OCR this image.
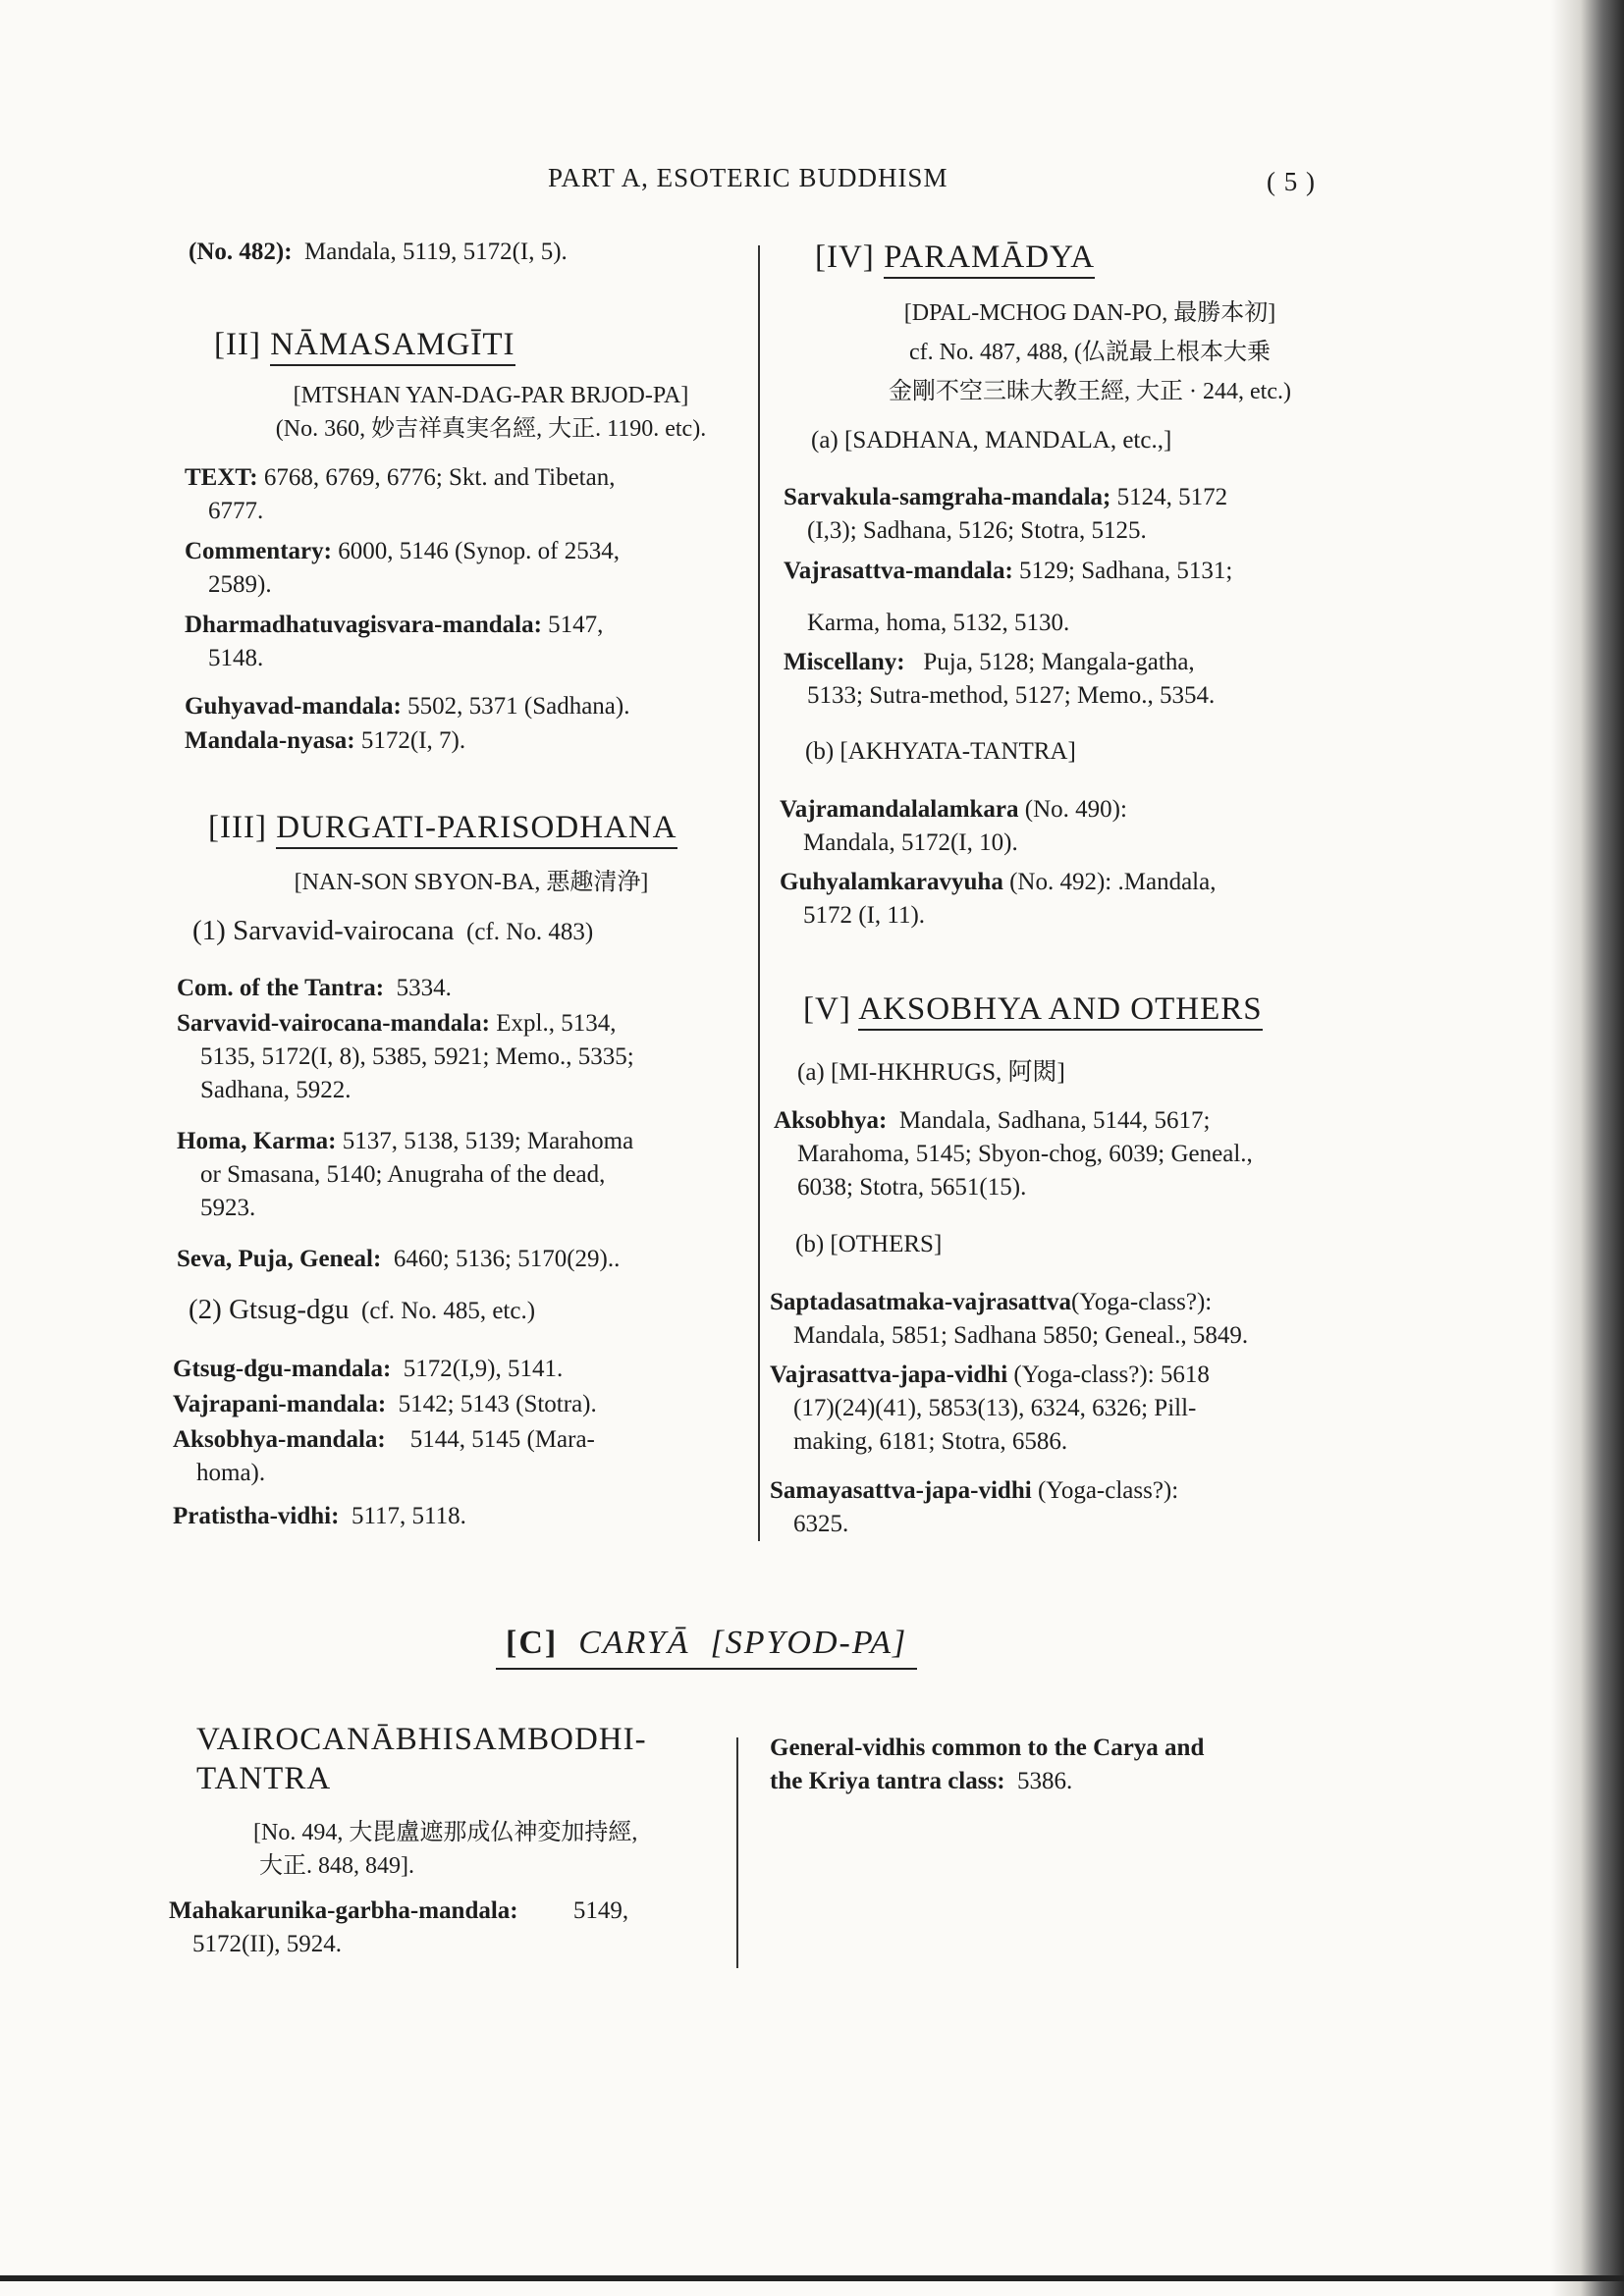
PART A, ESOTERIC BUDDHISM	( 5 )
(No. 482): Mandala, 5119, 5172(I, 5).
[II] NĀMASAMGĪTI
[MTSHAN YAN-DAG-PAR BRJOD-PA]
(No. 360, 妙吉祥真実名經, 大正. 1190. etc).
TEXT: 6768, 6769, 6776; Skt. and Tibetan,
6777.
Commentary: 6000, 5146 (Synop. of 2534,
2589).
Dharmadhatuvagisvara-mandala: 5147,
5148.
Guhyavad-mandala: 5502, 5371 (Sadhana).
Mandala-nyasa: 5172(I, 7).
[III] DURGATI-PARISODHANA
[NAN-SON SBYON-BA, 悪趣清浄]
(1) Sarvavid-vairocana (cf. No. 483)
Com. of the Tantra: 5334.
Sarvavid-vairocana-mandala: Expl., 5134,
5135, 5172(I, 8), 5385, 5921; Memo., 5335;
Sadhana, 5922.
Homa, Karma: 5137, 5138, 5139; Marahoma
or Smasana, 5140; Anugraha of the dead,
5923.
Seva, Puja, Geneal: 6460; 5136; 5170(29)..
(2) Gtsug-dgu (cf. No. 485, etc.)
Gtsug-dgu-mandala: 5172(I,9), 5141.
Vajrapani-mandala: 5142; 5143 (Stotra).
Aksobhya-mandala: 5144, 5145 (Mara-
homa).
Pratistha-vidhi: 5117, 5118.
[IV] PARAMĀDYA
[DPAL-MCHOG DAN-PO, 最勝本初]
cf. No. 487, 488, (仏説最上根本大乗
金剛不空三昧大教王經, 大正 · 244, etc.)
(a) [SADHANA, MANDALA, etc.,]
Sarvakula-samgraha-mandala; 5124, 5172
(I,3); Sadhana, 5126; Stotra, 5125.
Vajrasattva-mandala: 5129; Sadhana, 5131;
Karma, homa, 5132, 5130.
Miscellany: Puja, 5128; Mangala-gatha,
5133; Sutra-method, 5127; Memo., 5354.
(b) [AKHYATA-TANTRA]
Vajramandalalamkara (No. 490):
Mandala, 5172(I, 10).
Guhyalamkaravyuha (No. 492): .Mandala,
5172 (I, 11).
[V] AKSOBHYA AND OTHERS
(a) [MI-HKHRUGS, 阿閦]
Aksobhya: Mandala, Sadhana, 5144, 5617;
Marahoma, 5145; Sbyon-chog, 6039; Geneal.,
6038; Stotra, 5651(15).
(b) [OTHERS]
Saptadasatmaka-vajrasattva(Yoga-class?):
Mandala, 5851; Sadhana 5850; Geneal., 5849.
Vajrasattva-japa-vidhi (Yoga-class?): 5618
(17)(24)(41), 5853(13), 6324, 6326; Pill-
making, 6181; Stotra, 6586.
Samayasattva-japa-vidhi (Yoga-class?):
6325.
[C] CARYĀ [SPYOD-PA]
VAIROCANĀBHISAMBODHI-
TANTRA
[No. 494, 大毘盧遮那成仏神変加持經,
大正. 848, 849].
Mahakarunika-garbha-mandala: 5149,
5172(II), 5924.
General-vidhis common to the Carya and
the Kriya tantra class: 5386.
